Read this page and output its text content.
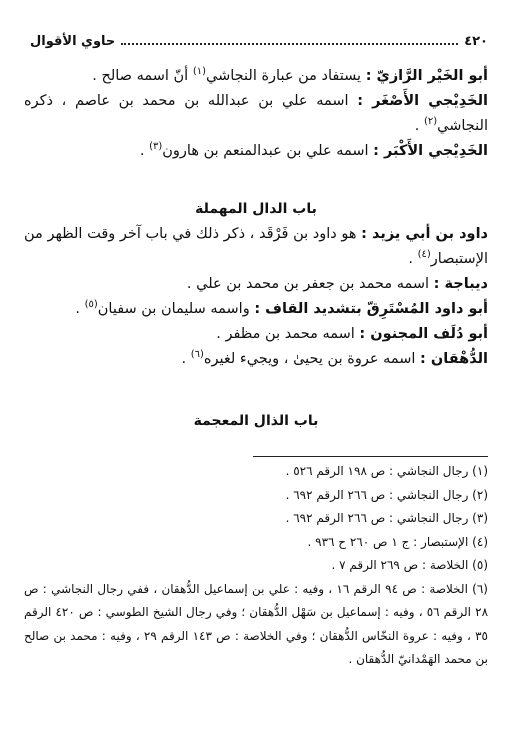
٤٢٠
حاوي الأقوال

أبو الخَيْر الرَّازيّ : يستفاد من عبارة النجاشي$^{(١)}$ أنّ اسمه صالح .

الخَدِيْجي الأَصْغَر : اسمه علي بن عبدالله بن محمد بن عاصم ، ذكره النجاشي$^{(٢)}$ .

الخَدِيْجي الأَكْبَر : اسمه علي بن عبدالمنعم بن هارون$^{(٣)}$ .

باب الدال المهملة

داود بن أبي يزيد : هو داود بن فَرْقَد ، ذكر ذلك في باب آخر وقت الظهر من الإستبصار$^{(٤)}$ .

ديباجة : اسمه محمد بن جعفر بن محمد بن علي .

أبو داود المُسْتَرِقّ بتشديد القاف : واسمه سليمان بن سفيان$^{(٥)}$ .

أبو دُلَف المجنون : اسمه محمد بن مظفر .

الدُّهْقان : اسمه عروة بن يحيىٰ ، ويجيء لغيره$^{(٦)}$ .

باب الذال المعجمة

(١) رجال النجاشي : ص ١٩٨ الرقم ٥٢٦ .

(٢) رجال النجاشي : ص ٢٦٦ الرقم ٦٩٢ .

(٣) رجال النجاشي : ص ٢٦٦ الرقم ٦٩٢ .

(٤) الإستبصار : ج ١ ص ٢٦٠ ح ٩٣٦ .

(٥) الخلاصة : ص ٢٦٩ الرقم ٧ .

(٦) الخلاصة : ص ٩٤ الرقم ١٦ ، وفيه : علي بن إسماعيل الدُّهقان ، ففي رجال النجاشي : ص ٢٨ الرقم ٥٦ ، وفيه : إسماعيل بن سَهْل الدُّهقان ؛ وفي رجال الشيخ الطوسي : ص ٤٢٠ الرقم ٣٥ ، وفيه : عروة النخّاس الدُّهقان ؛ وفي الخلاصة : ص ١٤٣ الرقم ٢٩ ، وفيه : محمد بن صالح بن محمد الهَمْدانيّ الدُّهقان .
